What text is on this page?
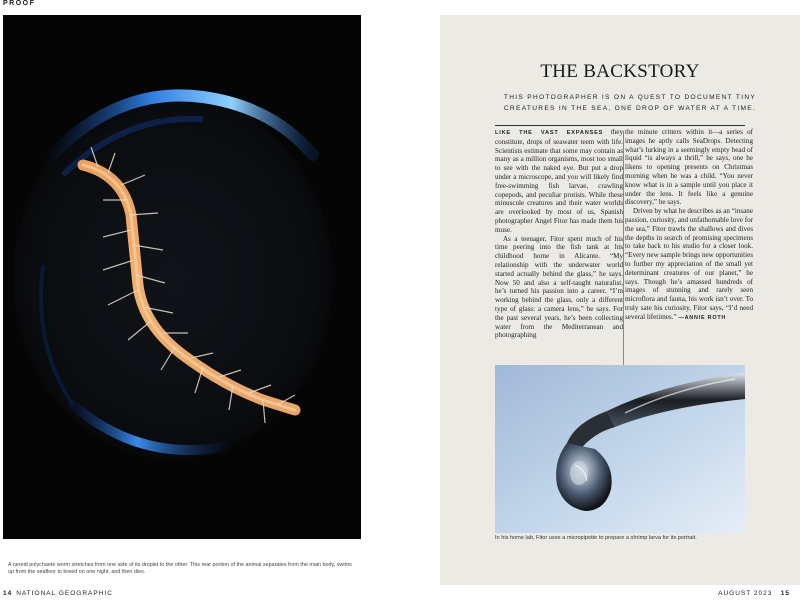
PROOF
A nereid polychaete worm stretches from one side of its droplet to the other. This rear portion of the animal separates from the main body, swims up from the seafloor to breed on one night, and then dies.
14 NATIONAL GEOGRAPHIC
THE BACKSTORY
THIS PHOTOGRAPHER IS ON A QUEST TO DOCUMENT TINY CREATURES IN THE SEA, ONE DROP OF WATER AT A TIME.

LIKE THE VAST EXPANSES they constitute, drops of seawater teem with life. Scientists estimate that some may contain as many as a million organisms, most too small to see with the naked eye. But put a drop under a microscope, and you will likely find free-swimming fish larvae, crawling copepods, and peculiar protists. While these minuscule creatures and their water worlds are overlooked by most of us, Spanish photographer Angel Fitor has made them his muse.

As a teenager, Fitor spent much of his time peering into the fish tank at his childhood home in Alicante. “My relationship with the underwater world started actually behind the glass,” he says. Now 50 and also a self-taught naturalist, he’s turned his passion into a career. “I’m working behind the glass, only a different type of glass: a camera lens,” he says. For the past several years, he’s been collecting water from the Mediterranean and photographing

the minute critters within it—a series of images he aptly calls SeaDrops. Detecting what’s lurking in a seemingly empty bead of liquid “is always a thrill,” he says, one he likens to opening presents on Christmas morning when he was a child. “You never know what is in a sample until you place it under the lens. It feels like a genuine discovery,” he says.

Driven by what he describes as an “insane passion, curiosity, and unfathomable love for the sea,” Fitor trawls the shallows and dives the depths in search of promising specimens to take back to his studio for a closer look. “Every new sample brings new opportunities to further my appreciation of the small yet determinant creatures of our planet,” he says. Though he’s amassed hundreds of images of stunning and rarely seen microflora and fauna, his work isn’t over. To truly sate his curiosity, Fitor says, “I’d need several lifetimes.” —ANNIE ROTH

In his home lab, Fitor uses a micropipette to prepare a shrimp larva for its portrait.
AUGUST 2023 15
